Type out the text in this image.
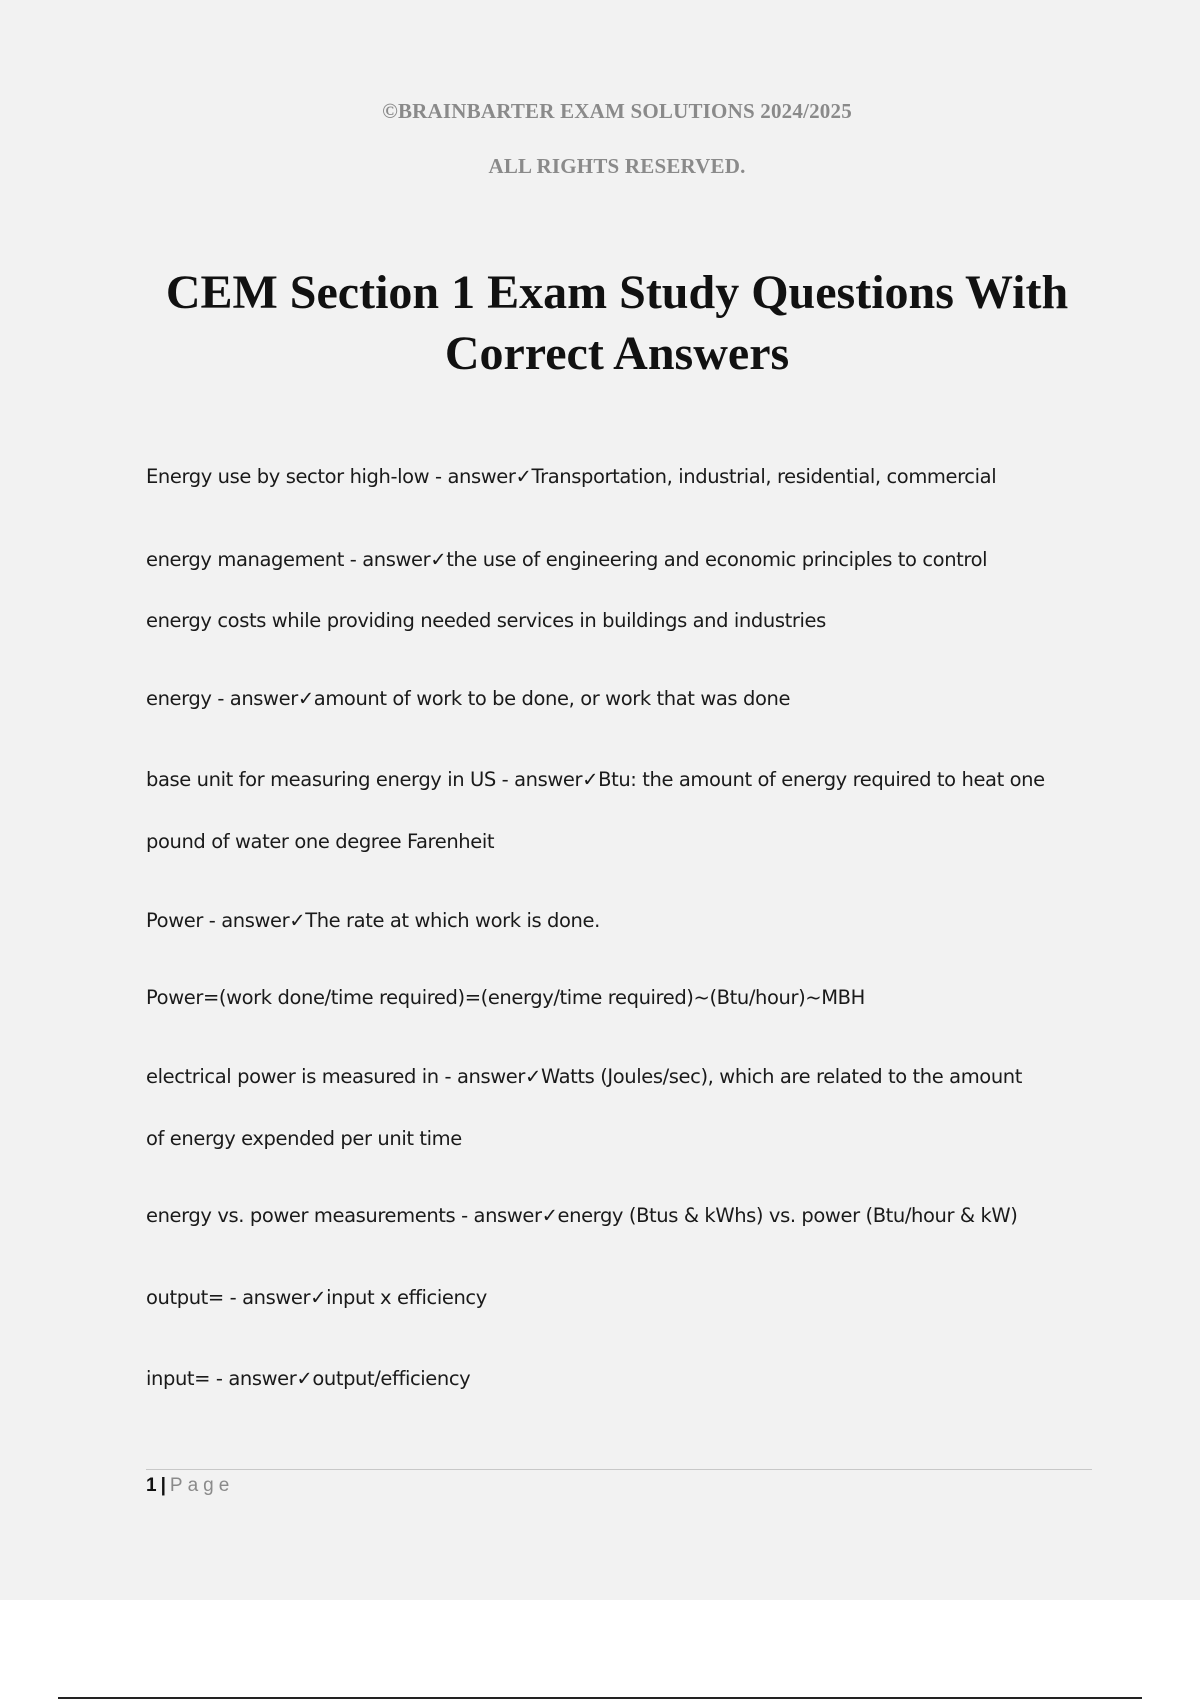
©BRAINBARTER EXAM SOLUTIONS 2024/2025
ALL RIGHTS RESERVED.
CEM Section 1 Exam Study Questions With
Correct Answers
Energy use by sector high-low - answer✓Transportation, industrial, residential, commercial
energy management - answer✓the use of engineering and economic principles to control
energy costs while providing needed services in buildings and industries
energy - answer✓amount of work to be done, or work that was done
base unit for measuring energy in US - answer✓Btu: the amount of energy required to heat one
pound of water one degree Farenheit
Power - answer✓The rate at which work is done.
Power=(work done/time required)=(energy/time required)~(Btu/hour)~MBH
electrical power is measured in - answer✓Watts (Joules/sec), which are related to the amount
of energy expended per unit time
energy vs. power measurements - answer✓energy (Btus & kWhs) vs. power (Btu/hour & kW)
output= - answer✓input x efficiency
input= - answer✓output/efficiency
1 | Page
